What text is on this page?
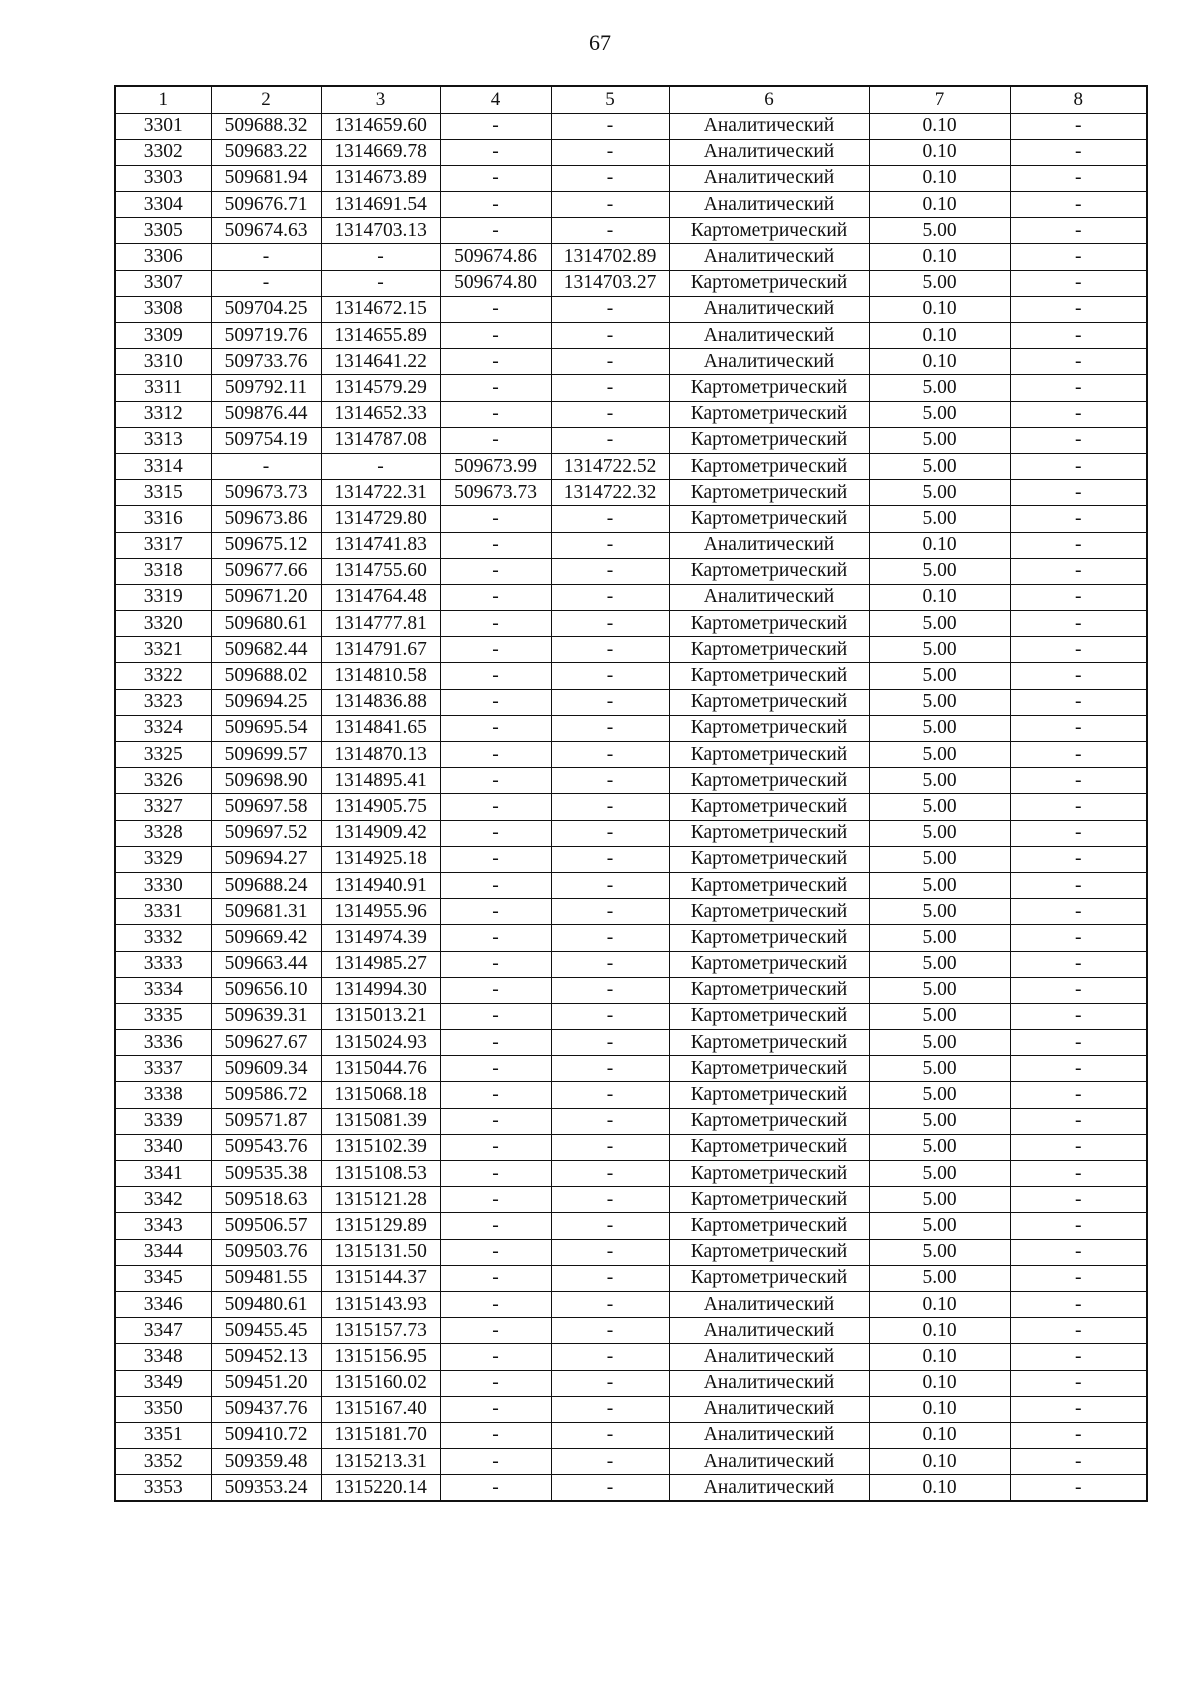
67
1	2	3	4	5	6	7	8
3301	509688.32	1314659.60	-	-	Аналитический	0.10	-
3302	509683.22	1314669.78	-	-	Аналитический	0.10	-
3303	509681.94	1314673.89	-	-	Аналитический	0.10	-
3304	509676.71	1314691.54	-	-	Аналитический	0.10	-
3305	509674.63	1314703.13	-	-	Картометрический	5.00	-
3306	-	-	509674.86	1314702.89	Аналитический	0.10	-
3307	-	-	509674.80	1314703.27	Картометрический	5.00	-
3308	509704.25	1314672.15	-	-	Аналитический	0.10	-
3309	509719.76	1314655.89	-	-	Аналитический	0.10	-
3310	509733.76	1314641.22	-	-	Аналитический	0.10	-
3311	509792.11	1314579.29	-	-	Картометрический	5.00	-
3312	509876.44	1314652.33	-	-	Картометрический	5.00	-
3313	509754.19	1314787.08	-	-	Картометрический	5.00	-
3314	-	-	509673.99	1314722.52	Картометрический	5.00	-
3315	509673.73	1314722.31	509673.73	1314722.32	Картометрический	5.00	-
3316	509673.86	1314729.80	-	-	Картометрический	5.00	-
3317	509675.12	1314741.83	-	-	Аналитический	0.10	-
3318	509677.66	1314755.60	-	-	Картометрический	5.00	-
3319	509671.20	1314764.48	-	-	Аналитический	0.10	-
3320	509680.61	1314777.81	-	-	Картометрический	5.00	-
3321	509682.44	1314791.67	-	-	Картометрический	5.00	-
3322	509688.02	1314810.58	-	-	Картометрический	5.00	-
3323	509694.25	1314836.88	-	-	Картометрический	5.00	-
3324	509695.54	1314841.65	-	-	Картометрический	5.00	-
3325	509699.57	1314870.13	-	-	Картометрический	5.00	-
3326	509698.90	1314895.41	-	-	Картометрический	5.00	-
3327	509697.58	1314905.75	-	-	Картометрический	5.00	-
3328	509697.52	1314909.42	-	-	Картометрический	5.00	-
3329	509694.27	1314925.18	-	-	Картометрический	5.00	-
3330	509688.24	1314940.91	-	-	Картометрический	5.00	-
3331	509681.31	1314955.96	-	-	Картометрический	5.00	-
3332	509669.42	1314974.39	-	-	Картометрический	5.00	-
3333	509663.44	1314985.27	-	-	Картометрический	5.00	-
3334	509656.10	1314994.30	-	-	Картометрический	5.00	-
3335	509639.31	1315013.21	-	-	Картометрический	5.00	-
3336	509627.67	1315024.93	-	-	Картометрический	5.00	-
3337	509609.34	1315044.76	-	-	Картометрический	5.00	-
3338	509586.72	1315068.18	-	-	Картометрический	5.00	-
3339	509571.87	1315081.39	-	-	Картометрический	5.00	-
3340	509543.76	1315102.39	-	-	Картометрический	5.00	-
3341	509535.38	1315108.53	-	-	Картометрический	5.00	-
3342	509518.63	1315121.28	-	-	Картометрический	5.00	-
3343	509506.57	1315129.89	-	-	Картометрический	5.00	-
3344	509503.76	1315131.50	-	-	Картометрический	5.00	-
3345	509481.55	1315144.37	-	-	Картометрический	5.00	-
3346	509480.61	1315143.93	-	-	Аналитический	0.10	-
3347	509455.45	1315157.73	-	-	Аналитический	0.10	-
3348	509452.13	1315156.95	-	-	Аналитический	0.10	-
3349	509451.20	1315160.02	-	-	Аналитический	0.10	-
3350	509437.76	1315167.40	-	-	Аналитический	0.10	-
3351	509410.72	1315181.70	-	-	Аналитический	0.10	-
3352	509359.48	1315213.31	-	-	Аналитический	0.10	-
3353	509353.24	1315220.14	-	-	Аналитический	0.10	-
